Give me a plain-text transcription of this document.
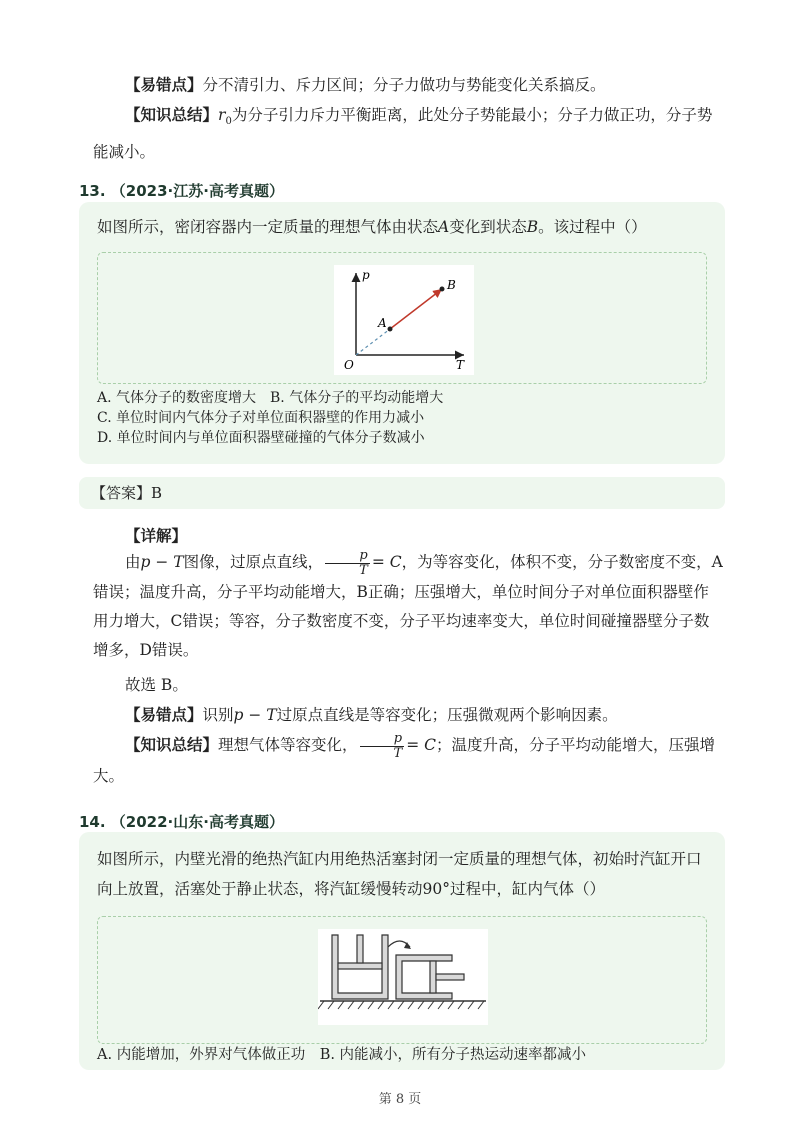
【易错点】分不清引力、斥力区间；分子力做功与势能变化关系搞反。
【知识总结】$r_0$为分子引力斥力平衡距离，此处分子势能最小；分子力做正功，分子势能减小。
13. （2023·江苏·高考真题）
如图所示，密闭容器内一定质量的理想气体由状态A变化到状态B。该过程中（）
p
T
O
A
B
A. 气体分子的数密度增大　B. 气体分子的平均动能增大
C. 单位时间内气体分子对单位面积器壁的作用力减小
D. 单位时间内与单位面积器壁碰撞的气体分子数减小
【答案】B
【详解】
由p − T图像，过原点直线， $\frac{p}{T} = C$，为等容变化，体积不变，分子数密度不变，A错误；温度升高，分子平均动能增大，B正确；压强增大，单位时间分子对单位面积器壁作用力增大，C错误；等容，分子数密度不变，分子平均速率变大，单位时间碰撞器壁分子数增多，D错误。
故选 B。
【易错点】识别p − T过原点直线是等容变化；压强微观两个影响因素。
【知识总结】理想气体等容变化， $\frac{p}{T} = C$；温度升高，分子平均动能增大，压强增大。
14. （2022·山东·高考真题）
如图所示，内壁光滑的绝热汽缸内用绝热活塞封闭一定质量的理想气体，初始时汽缸开口向上放置，活塞处于静止状态，将汽缸缓慢转动90°过程中，缸内气体（）
A. 内能增加，外界对气体做正功　B. 内能减小，所有分子热运动速率都减小
第 8 页
